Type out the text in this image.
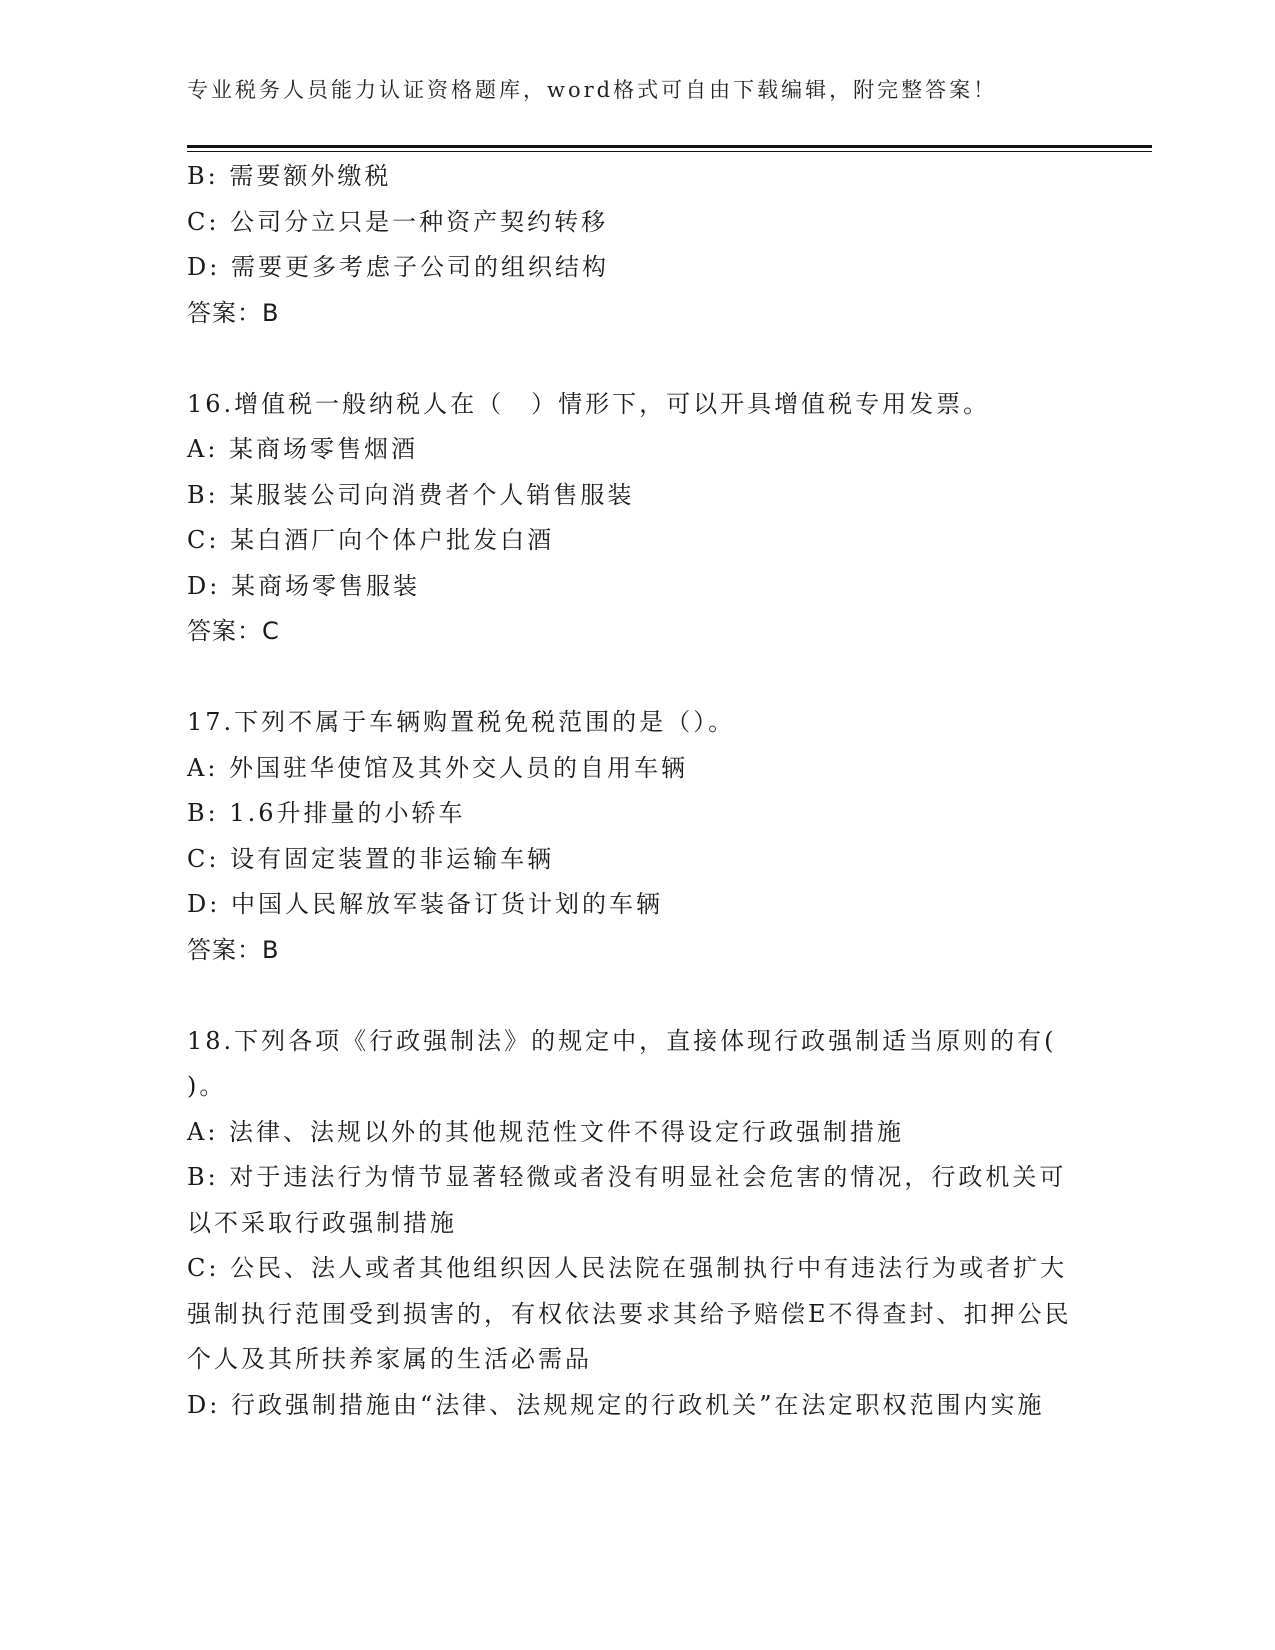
专业税务人员能力认证资格题库，word格式可自由下载编辑，附完整答案！

B: 需要额外缴税

C: 公司分立只是一种资产契约转移

D: 需要更多考虑子公司的组织结构

答案：B

16.增值税一般纳税人在（　）情形下，可以开具增值税专用发票。

A: 某商场零售烟酒

B: 某服装公司向消费者个人销售服装

C: 某白酒厂向个体户批发白酒

D: 某商场零售服装

答案：C

17.下列不属于车辆购置税免税范围的是（）。

A: 外国驻华使馆及其外交人员的自用车辆

B: 1.6升排量的小轿车

C: 设有固定装置的非运输车辆

D: 中国人民解放军装备订货计划的车辆

答案：B

18.下列各项《行政强制法》的规定中，直接体现行政强制适当原则的有( )。

A: 法律、法规以外的其他规范性文件不得设定行政强制措施

B: 对于违法行为情节显著轻微或者没有明显社会危害的情况，行政机关可以不采取行政强制措施

C: 公民、法人或者其他组织因人民法院在强制执行中有违法行为或者扩大强制执行范围受到损害的，有权依法要求其给予赔偿E不得查封、扣押公民个人及其所扶养家属的生活必需品

D: 行政强制措施由“法律、法规规定的行政机关”在法定职权范围内实施
